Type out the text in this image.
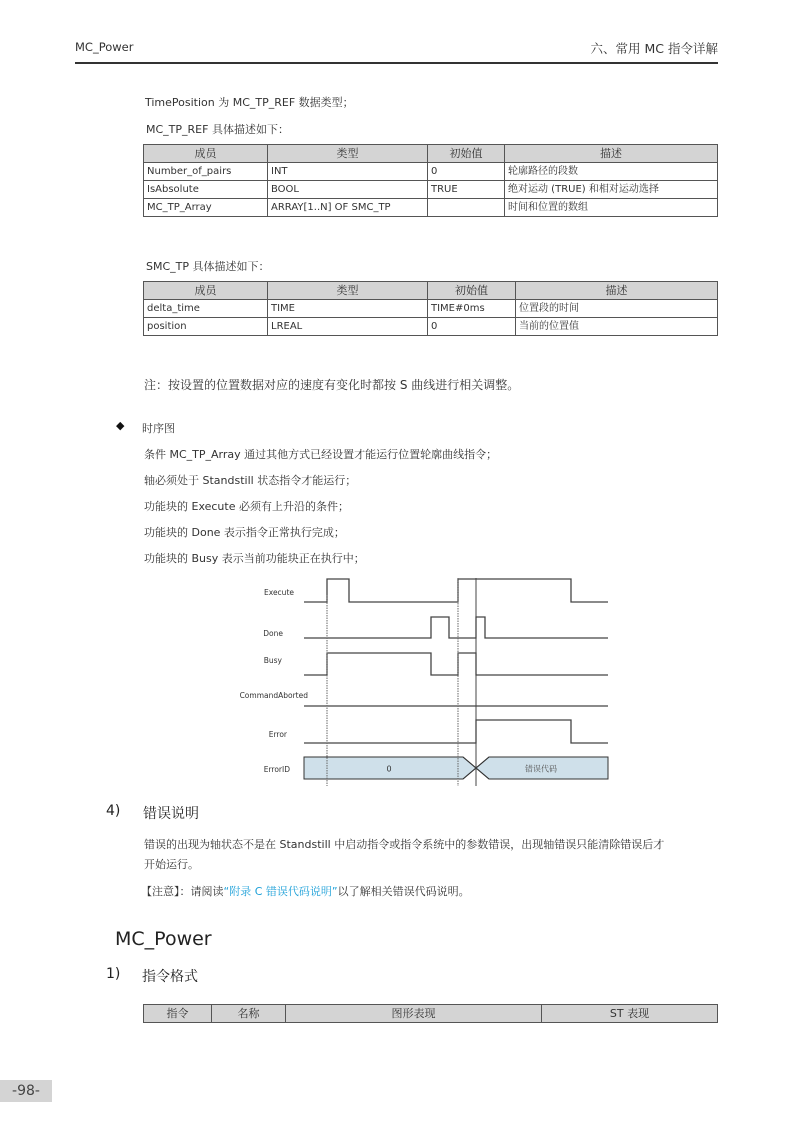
MC_Power	六、常用 MC 指令详解
TimePosition 为 MC_TP_REF 数据类型；
MC_TP_REF 具体描述如下：
成员	类型	初始值	描述
Number_of_pairs	INT	0	轮廓路径的段数
IsAbsolute	BOOL	TRUE	绝对运动 (TRUE) 和相对运动选择
MC_TP_Array	ARRAY[1..N] OF SMC_TP		时间和位置的数组
SMC_TP 具体描述如下：
成员	类型	初始值	描述
delta_time	TIME	TIME#0ms	位置段的时间
position	LREAL	0	当前的位置值
注：按设置的位置数据对应的速度有变化时都按 S 曲线进行相关调整。
◆ 时序图
条件 MC_TP_Array 通过其他方式已经设置才能运行位置轮廓曲线指令；
轴必须处于 Standstill 状态指令才能运行；
功能块的 Execute 必须有上升沿的条件；
功能块的 Done 表示指令正常执行完成；
功能块的 Busy 表示当前功能块正在执行中；
Execute
Done
Busy
CommandAborted
Error
ErrorID	0	错误代码
4) 错误说明
错误的出现为轴状态不是在 Standstill 中启动指令或指令系统中的参数错误，出现轴错误只能清除错误后才
开始运行。
【注意】：请阅读“附录 C 错误代码说明”以了解相关错误代码说明。
MC_Power
1) 指令格式
指令	名称	图形表现	ST 表现
-98-
